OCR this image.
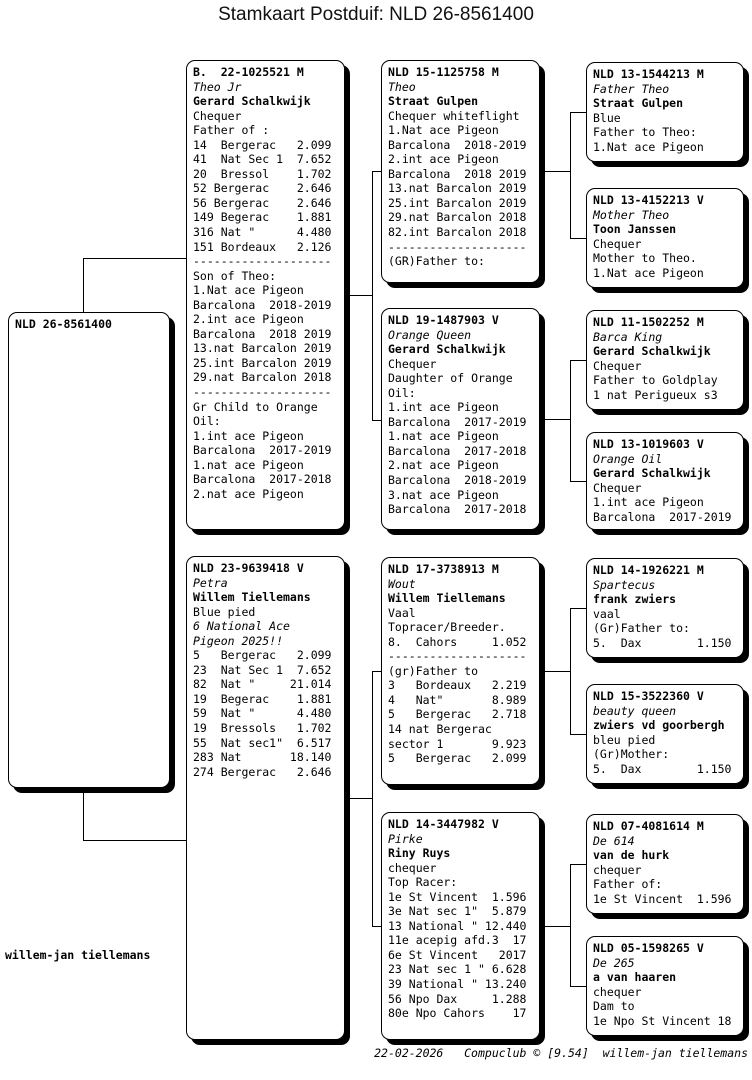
Stamkaart Postduif: NLD 26-8561400
willem-jan tiellemans
22-02-2026   Compuclub © [9.54]  willem-jan tiellemans
NLD 26-8561400
B.  22-1025521 M
Theo Jr
Gerard Schalkwijk
Chequer
Father of :
14  Bergerac   2.099
41  Nat Sec 1  7.652
20  Bressol    1.702
52 Bergerac    2.646
56 Bergerac    2.646
149 Begerac    1.881
316 Nat "      4.480
151 Bordeaux   2.126
--------------------
Son of Theo:
1.Nat ace Pigeon
Barcalona  2018-2019
2.int ace Pigeon
Barcalona  2018 2019
13.nat Barcalon 2019
25.int Barcalon 2019
29.nat Barcalon 2018
--------------------
Gr Child to Orange
Oil:
1.int ace Pigeon
Barcalona  2017-2019
1.nat ace Pigeon
Barcalona  2017-2018
2.nat ace Pigeon
NLD 23-9639418 V
Petra
Willem Tiellemans
Blue pied
6 National Ace
Pigeon 2025!!
5   Bergerac   2.099
23  Nat Sec 1  7.652
82  Nat "     21.014
19  Begerac    1.881
59  Nat "      4.480
19  Bressols   1.702
55  Nat sec1"  6.517
283 Nat       18.140
274 Bergerac   2.646
NLD 15-1125758 M
Theo
Straat Gulpen
Chequer whiteflight
1.Nat ace Pigeon
Barcalona  2018-2019
2.int ace Pigeon
Barcalona  2018 2019
13.nat Barcalon 2019
25.int Barcalon 2019
29.nat Barcalon 2018
82.int Barcalon 2018
--------------------
(GR)Father to:
NLD 19-1487903 V
Orange Queen
Gerard Schalkwijk
Chequer
Daughter of Orange
Oil:
1.int ace Pigeon
Barcalona  2017-2019
1.nat ace Pigeon
Barcalona  2017-2018
2.nat ace Pigeon
Barcalona  2018-2019
3.nat ace Pigeon
Barcalona  2017-2018
NLD 17-3738913 M
Wout
Willem Tiellemans
Vaal
Topracer/Breeder.
8.  Cahors     1.052
--------------------
(gr)Father to
3   Bordeaux   2.219
4   Nat"       8.989
5   Bergerac   2.718
14 nat Bergerac
sector 1       9.923
5   Bergerac   2.099
NLD 14-3447982 V
Pirke
Riny Ruys
chequer
Top Racer:
1e St Vincent  1.596
3e Nat sec 1"  5.879
13 National " 12.440
11e acepig afd.3  17
6e St Vincent   2017
23 Nat sec 1 " 6.628
39 National " 13.240
56 Npo Dax     1.288
80e Npo Cahors    17
NLD 13-1544213 M
Father Theo
Straat Gulpen
Blue
Father to Theo:
1.Nat ace Pigeon
NLD 13-4152213 V
Mother Theo
Toon Janssen
Chequer
Mother to Theo.
1.Nat ace Pigeon
NLD 11-1502252 M
Barca King
Gerard Schalkwijk
Chequer
Father to Goldplay
1 nat Perigueux s3
NLD 13-1019603 V
Orange Oil
Gerard Schalkwijk
Chequer
1.int ace Pigeon
Barcalona  2017-2019
NLD 14-1926221 M
Spartecus
frank zwiers
vaal
(Gr)Father to:
5.  Dax        1.150
NLD 15-3522360 V
beauty queen
zwiers vd goorbergh
bleu pied
(Gr)Mother:
5.  Dax        1.150
NLD 07-4081614 M
De 614
van de hurk
chequer
Father of:
1e St Vincent  1.596
NLD 05-1598265 V
De 265
a van haaren
chequer
Dam to
1e Npo St Vincent 18
